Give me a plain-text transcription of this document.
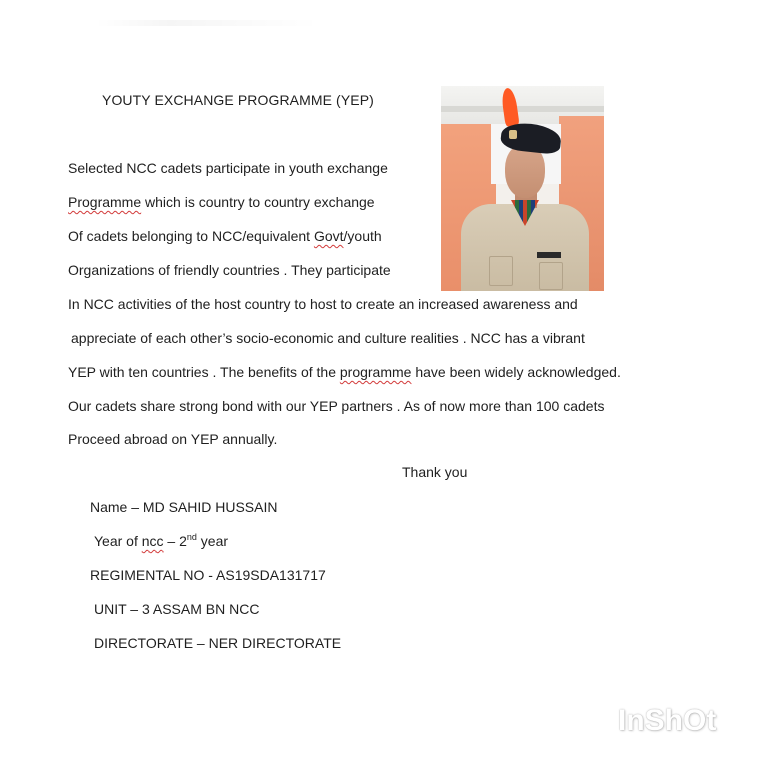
YOUTY EXCHANGE PROGRAMME (YEP)
Selected NCC cadets participate in youth exchange
Programme which is country to country exchange
Of cadets belonging to NCC/equivalent Govt/youth
Organizations of friendly countries . They participate
In NCC activities of the host country to host to create an increased awareness and
appreciate of each other’s socio-economic and culture realities . NCC has a vibrant
YEP with ten countries . The benefits of the programme have been widely acknowledged.
Our cadets share strong bond with our YEP partners . As of now more than 100 cadets
Proceed abroad on YEP annually.
Thank you
Name – MD SAHID HUSSAIN
Year of ncc – 2nd year
REGIMENTAL NO - AS19SDA131717
UNIT – 3 ASSAM BN NCC
DIRECTORATE – NER DIRECTORATE
InShOt
